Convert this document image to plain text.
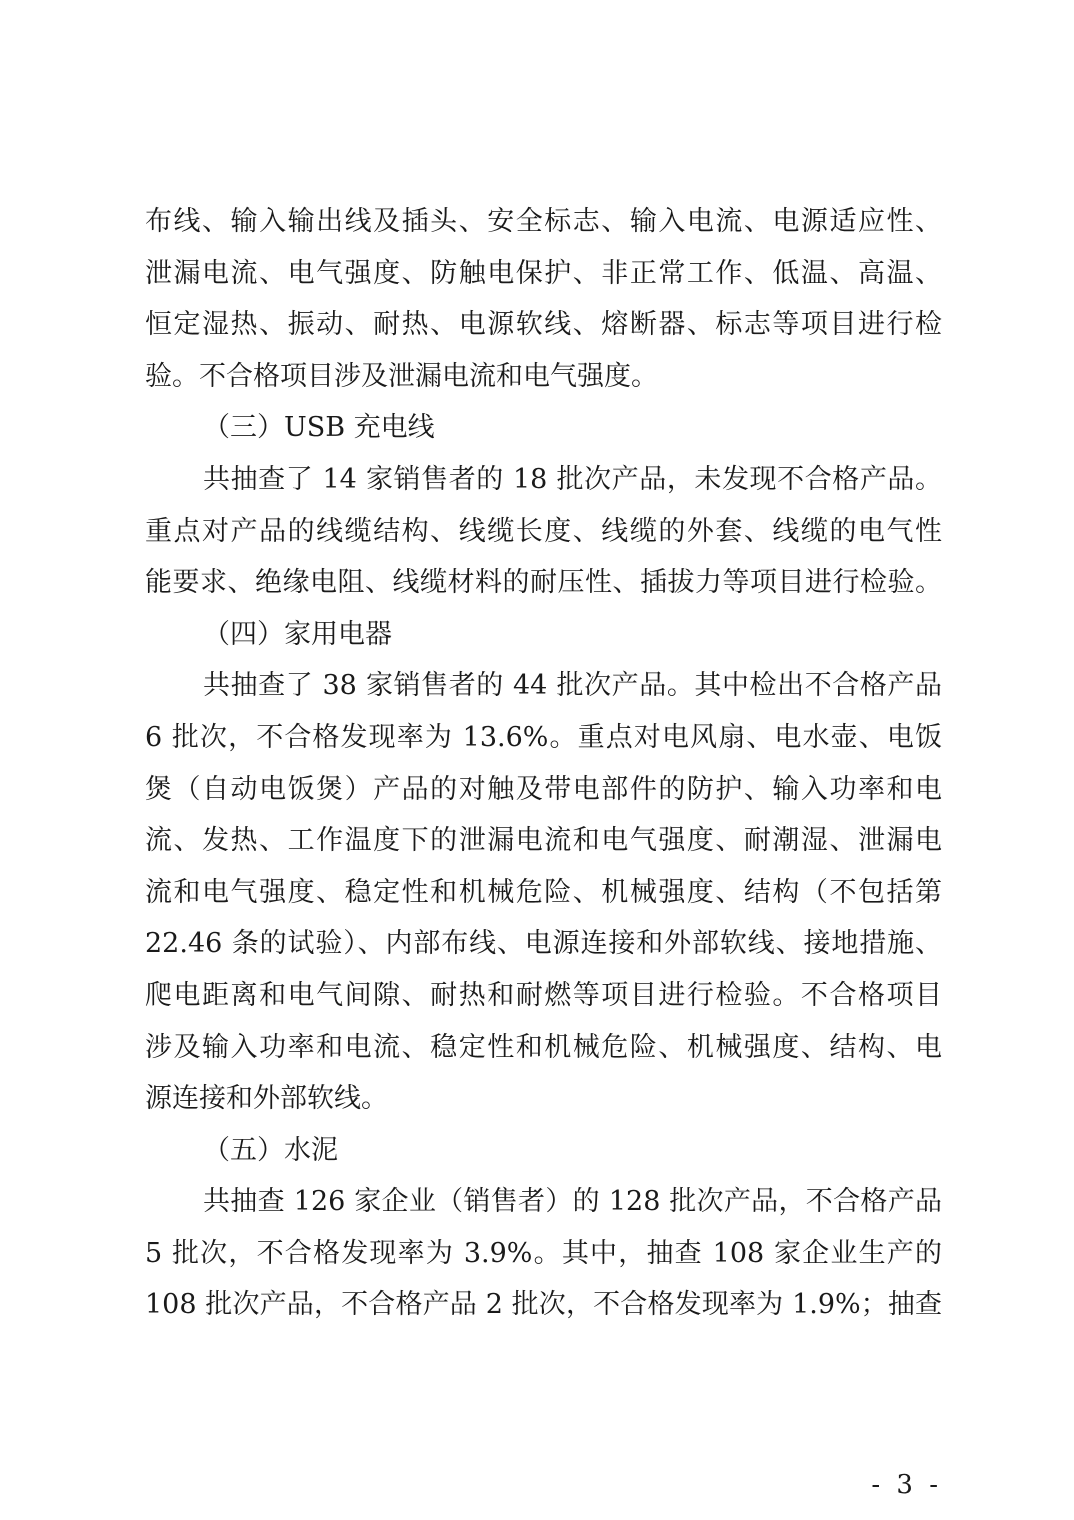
布线、输入输出线及插头、安全标志、输入电流、电源适应性、
泄漏电流、电气强度、防触电保护、非正常工作、低温、高温、
恒定湿热、振动、耐热、电源软线、熔断器、标志等项目进行检
验。不合格项目涉及泄漏电流和电气强度。
（三）USB 充电线
共抽查了 14 家销售者的 18 批次产品，未发现不合格产品。
重点对产品的线缆结构、线缆长度、线缆的外套、线缆的电气性
能要求、绝缘电阻、线缆材料的耐压性、插拔力等项目进行检验。
（四）家用电器
共抽查了 38 家销售者的 44 批次产品。其中检出不合格产品
6 批次，不合格发现率为 13.6%。重点对电风扇、电水壶、电饭
煲（自动电饭煲）产品的对触及带电部件的防护、输入功率和电
流、发热、工作温度下的泄漏电流和电气强度、耐潮湿、泄漏电
流和电气强度、稳定性和机械危险、机械强度、结构（不包括第
22.46 条的试验）、内部布线、电源连接和外部软线、接地措施、
爬电距离和电气间隙、耐热和耐燃等项目进行检验。不合格项目
涉及输入功率和电流、稳定性和机械危险、机械强度、结构、电
源连接和外部软线。
（五）水泥
共抽查 126 家企业（销售者）的 128 批次产品，不合格产品
5 批次，不合格发现率为 3.9%。其中，抽查 108 家企业生产的
108 批次产品，不合格产品 2 批次，不合格发现率为 1.9%；抽查
- 3 -
